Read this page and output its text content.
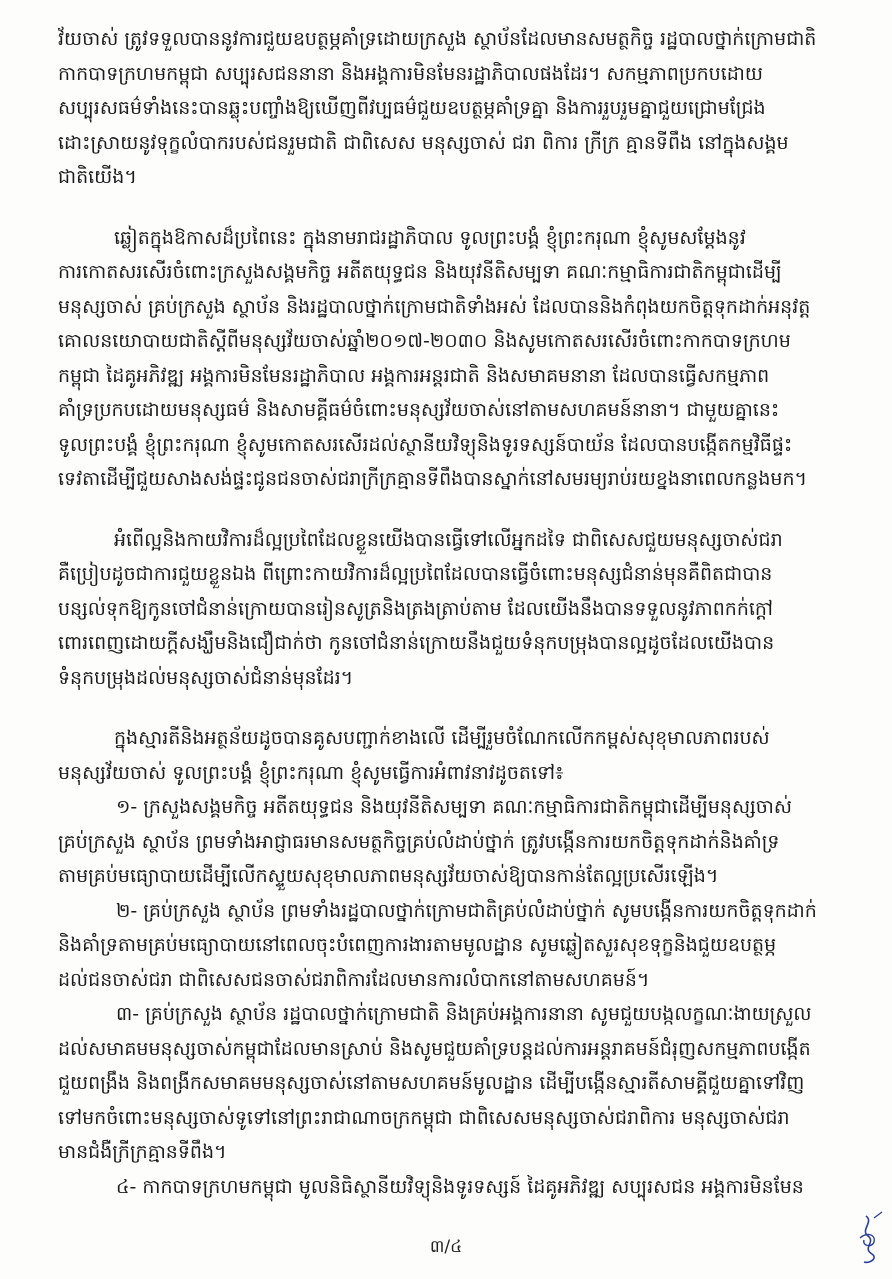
វ័យចាស់ ត្រូវទទួលបាននូវការជួយឧបត្ថម្ភគាំទ្រដោយក្រសួង ស្ថាប័នដែលមានសមត្ថកិច្ច រដ្ឋបាលថ្នាក់ក្រោមជាតិ
កាកបាទក្រហមកម្ពុជា សប្បុរសជននានា និងអង្គការមិនមែនរដ្ឋាភិបាលផងដែរ។ សកម្មភាពប្រកបដោយ
សប្បុរសធម៌ទាំងនេះបានឆ្លុះបញ្ចាំងឱ្យឃើញពីវប្បធម៌ជួយឧបត្ថម្ភគាំទ្រគ្នា និងការរួបរួមគ្នាជួយជ្រោមជ្រែង
ដោះស្រាយនូវទុក្ខលំបាករបស់ជនរួមជាតិ ជាពិសេស មនុស្សចាស់ ជរា ពិការ ក្រីក្រ គ្មានទីពឹង នៅក្នុងសង្គម
ជាតិយើង។
ឆ្លៀតក្នុងឱកាសដ៏ប្រពៃនេះ ក្នុងនាមរាជរដ្ឋាភិបាល ទូលព្រះបង្គំ ខ្ញុំព្រះករុណា ខ្ញុំសូមសម្ដែងនូវ
ការកោតសរសើរចំពោះក្រសួងសង្គមកិច្ច អតីតយុទ្ធជន និងយុវនីតិសម្បទា គណៈកម្មាធិការជាតិកម្ពុជាដើម្បី
មនុស្សចាស់ គ្រប់ក្រសួង ស្ថាប័ន និងរដ្ឋបាលថ្នាក់ក្រោមជាតិទាំងអស់ ដែលបាននិងកំពុងយកចិត្តទុកដាក់អនុវត្ត
គោលនយោបាយជាតិស្ដីពីមនុស្សវ័យចាស់ឆ្នាំ២០១៧-២០៣០ និងសូមកោតសរសើរចំពោះកាកបាទក្រហម
កម្ពុជា ដៃគូអភិវឌ្ឍ អង្គការមិនមែនរដ្ឋាភិបាល អង្គការអន្តរជាតិ និងសមាគមនានា ដែលបានធ្វើសកម្មភាព
គាំទ្រប្រកបដោយមនុស្សធម៌ និងសាមគ្គីធម៌ចំពោះមនុស្សវ័យចាស់នៅតាមសហគមន៍នានា។ ជាមួយគ្នានេះ
ទូលព្រះបង្គំ ខ្ញុំព្រះករុណា ខ្ញុំសូមកោតសរសើរដល់ស្ថានីយវិទ្យុនិងទូរទស្សន៍បាយ័ន ដែលបានបង្កើតកម្មវិធីផ្ទះ
ទេវតាដើម្បីជួយសាងសង់ផ្ទះជូនជនចាស់ជរាក្រីក្រគ្មានទីពឹងបានស្នាក់នៅសមរម្យរាប់រយខ្នងនាពេលកន្លងមក។
អំពើល្អនិងកាយវិការដ៏ល្អប្រពៃដែលខ្លួនយើងបានធ្វើទៅលើអ្នកដទៃ ជាពិសេសជួយមនុស្សចាស់ជរា
គឺប្រៀបដូចជាការជួយខ្លួនឯង ពីព្រោះកាយវិការដ៏ល្អប្រពៃដែលបានធ្វើចំពោះមនុស្សជំនាន់មុនគឺពិតជាបាន
បន្សល់ទុកឱ្យកូនចៅជំនាន់ក្រោយបានរៀនសូត្រនិងត្រងត្រាប់តាម ដែលយើងនឹងបានទទួលនូវភាពកក់ក្ដៅ
ពោរពេញដោយក្ដីសង្ឃឹមនិងជឿជាក់ថា កូនចៅជំនាន់ក្រោយនឹងជួយទំនុកបម្រុងបានល្អដូចដែលយើងបាន
ទំនុកបម្រុងដល់មនុស្សចាស់ជំនាន់មុនដែរ។
ក្នុងស្មារតីនិងអត្ថន័យដូចបានគូសបញ្ជាក់ខាងលើ ដើម្បីរួមចំណែកលើកកម្ពស់សុខុមាលភាពរបស់
មនុស្សវ័យចាស់ ទូលព្រះបង្គំ ខ្ញុំព្រះករុណា ខ្ញុំសូមធ្វើការអំពាវនាវដូចតទៅ៖
១- ក្រសួងសង្គមកិច្ច អតីតយុទ្ធជន និងយុវនីតិសម្បទា គណៈកម្មាធិការជាតិកម្ពុជាដើម្បីមនុស្សចាស់
គ្រប់ក្រសួង ស្ថាប័ន ព្រមទាំងអាជ្ញាធរមានសមត្ថកិច្ចគ្រប់លំដាប់ថ្នាក់ ត្រូវបង្កើនការយកចិត្តទុកដាក់និងគាំទ្រ
តាមគ្រប់មធ្យោបាយដើម្បីលើកស្ទួយសុខុមាលភាពមនុស្សវ័យចាស់ឱ្យបានកាន់តែល្អប្រសើរឡើង។
២- គ្រប់ក្រសួង ស្ថាប័ន ព្រមទាំងរដ្ឋបាលថ្នាក់ក្រោមជាតិគ្រប់លំដាប់ថ្នាក់ សូមបង្កើនការយកចិត្តទុកដាក់
និងគាំទ្រតាមគ្រប់មធ្យោបាយនៅពេលចុះបំពេញការងារតាមមូលដ្ឋាន សូមឆ្លៀតសួរសុខទុក្ខនិងជួយឧបត្ថម្ភ
ដល់ជនចាស់ជរា ជាពិសេសជនចាស់ជរាពិការដែលមានការលំបាកនៅតាមសហគមន៍។
៣- គ្រប់ក្រសួង ស្ថាប័ន រដ្ឋបាលថ្នាក់ក្រោមជាតិ និងគ្រប់អង្គការនានា សូមជួយបង្កលក្ខណៈងាយស្រួល
ដល់សមាគមមនុស្សចាស់កម្ពុជាដែលមានស្រាប់ និងសូមជួយគាំទ្របន្តដល់ការអន្តរាគមន៍ជំរុញសកម្មភាពបង្កើត
ជួយពង្រឹង និងពង្រីកសមាគមមនុស្សចាស់នៅតាមសហគមន៍មូលដ្ឋាន ដើម្បីបង្កើនស្មារតីសាមគ្គីជួយគ្នាទៅវិញ
ទៅមកចំពោះមនុស្សចាស់ទូទៅនៅព្រះរាជាណាចក្រកម្ពុជា ជាពិសេសមនុស្សចាស់ជរាពិការ មនុស្សចាស់ជរា
មានជំងឺក្រីក្រគ្មានទីពឹង។
៤- កាកបាទក្រហមកម្ពុជា មូលនិធិស្ថានីយវិទ្យុនិងទូរទស្សន៍ ដៃគូអភិវឌ្ឍ សប្បុរសជន អង្គការមិនមែន
៣/៤
